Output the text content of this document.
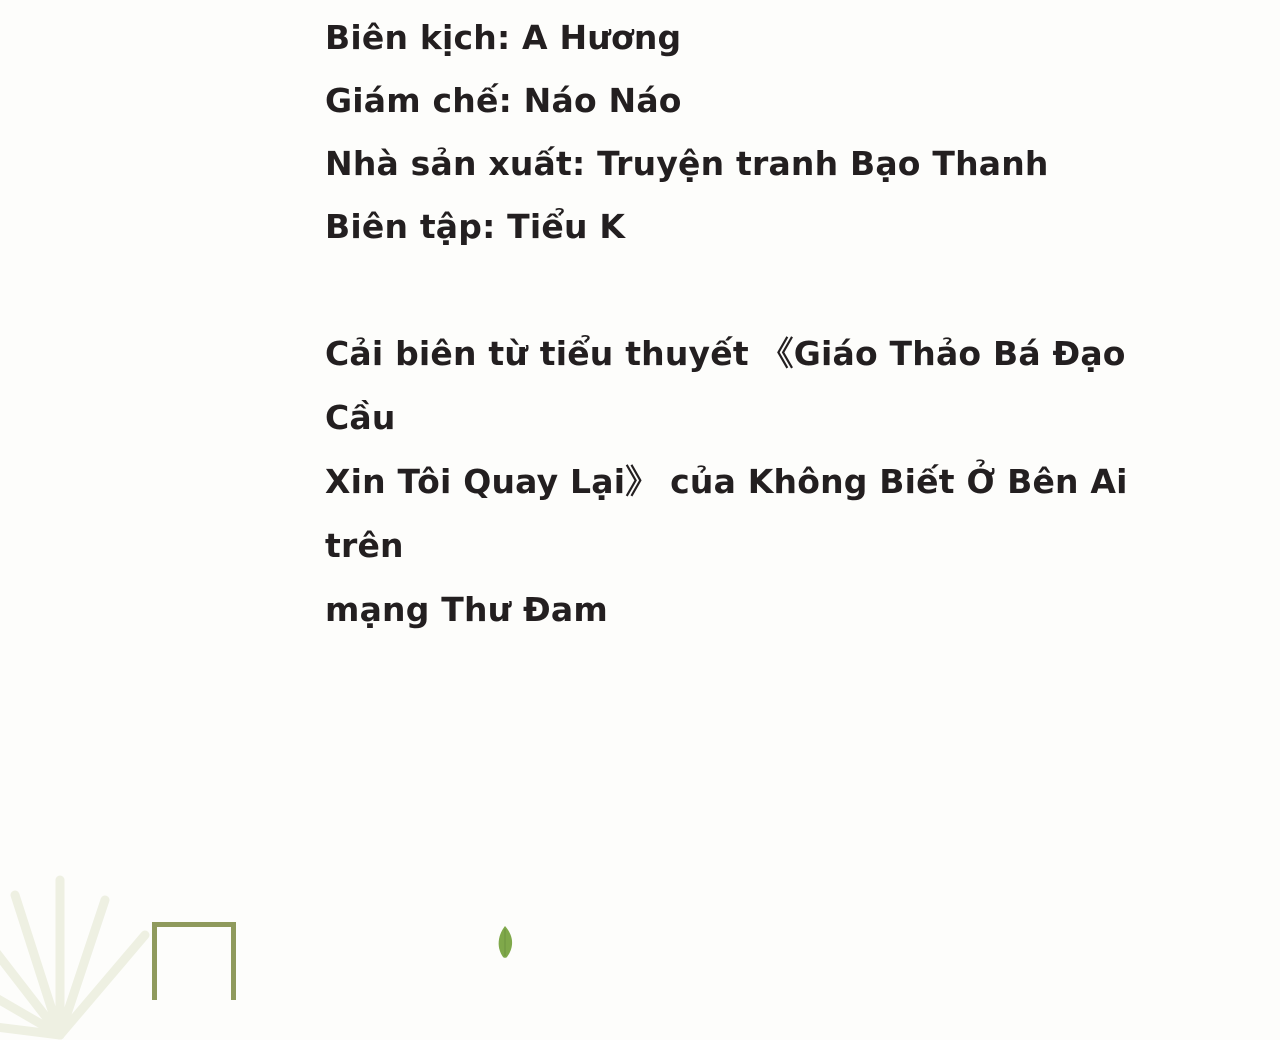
Biên kịch: A Hương
Giám chế: Náo Náo
Nhà sản xuất: Truyện tranh Bạo Thanh
Biên tập: Tiểu K
Cải biên từ tiểu thuyết 《Giáo Thảo Bá Đạo Cầu
Xin Tôi Quay Lại》 của Không Biết Ở Bên Ai trên
mạng Thư Đam
